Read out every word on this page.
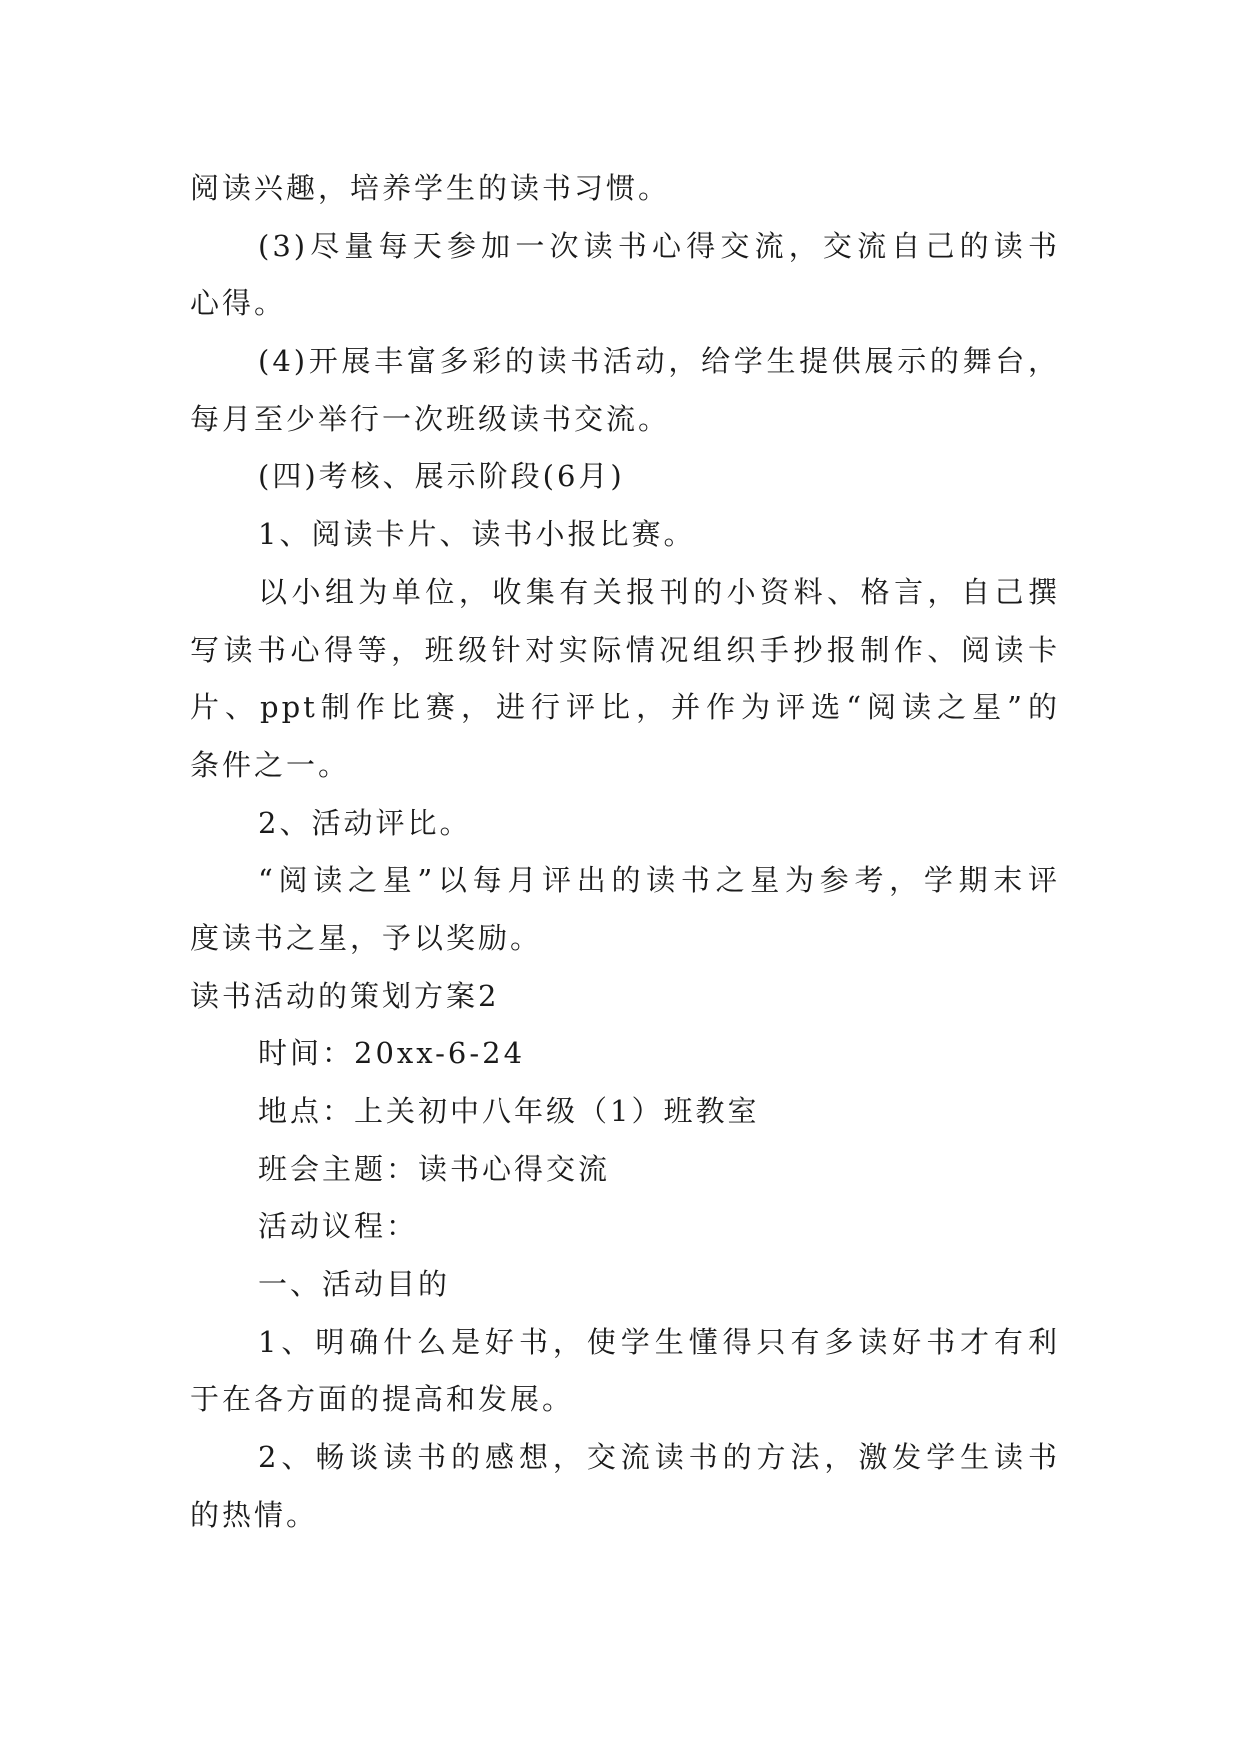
阅读兴趣，培养学生的读书习惯。
(3)尽量每天参加一次读书心得交流，交流自己的读书
心得。
(4)开展丰富多彩的读书活动，给学生提供展示的舞台，
每月至少举行一次班级读书交流。
(四)考核、展示阶段(6月)
1、阅读卡片、读书小报比赛。
以小组为单位，收集有关报刊的小资料、格言，自己撰
写读书心得等，班级针对实际情况组织手抄报制作、阅读卡
片、ppt制作比赛，进行评比，并作为评选“阅读之星”的
条件之一。
2、活动评比。
“阅读之星”以每月评出的读书之星为参考，学期末评
度读书之星，予以奖励。
读书活动的策划方案2
时间：20xx-6-24
地点：上关初中八年级（1）班教室
班会主题：读书心得交流
活动议程：
一、活动目的
1、明确什么是好书，使学生懂得只有多读好书才有利
于在各方面的提高和发展。
2、畅谈读书的感想，交流读书的方法，激发学生读书
的热情。
